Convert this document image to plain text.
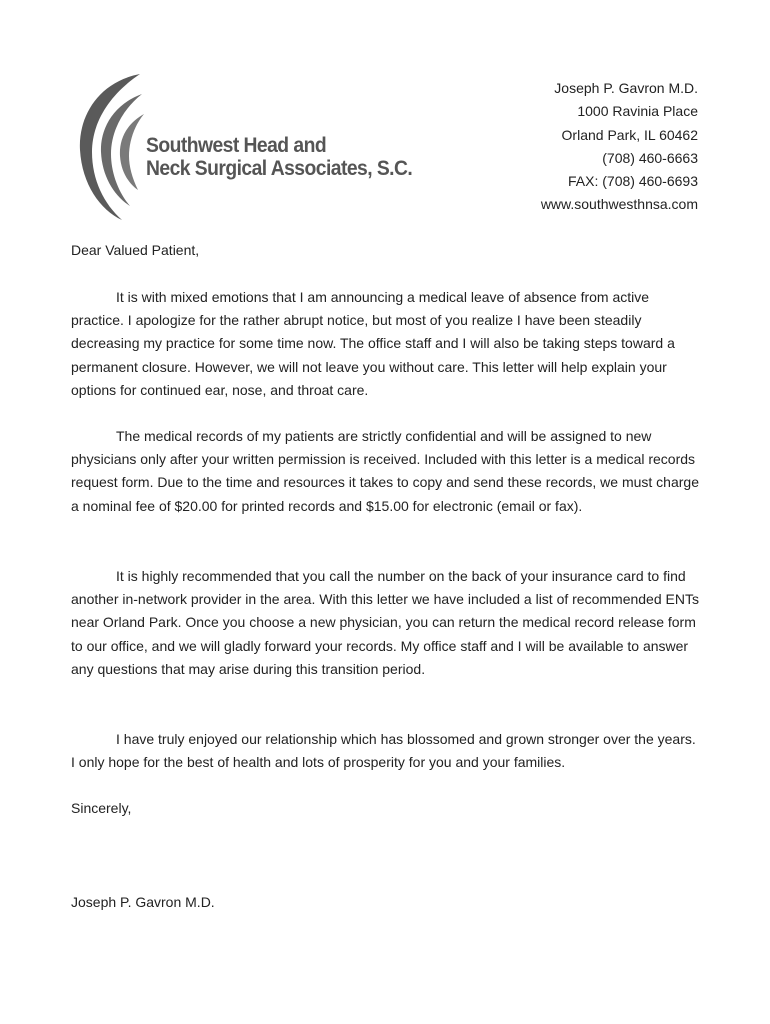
Southwest Head and
Neck Surgical Associates, S.C.
Joseph P. Gavron M.D.
1000 Ravinia Place
Orland Park, IL 60462
(708) 460-6663
FAX: (708) 460-6693
www.southwesthnsa.com
Dear Valued Patient,

It is with mixed emotions that I am announcing a medical leave of absence from active practice. I apologize for the rather abrupt notice, but most of you realize I have been steadily decreasing my practice for some time now. The office staff and I will also be taking steps toward a permanent closure. However, we will not leave you without care. This letter will help explain your options for continued ear, nose, and throat care.

The medical records of my patients are strictly confidential and will be assigned to new physicians only after your written permission is received. Included with this letter is a medical records request form. Due to the time and resources it takes to copy and send these records, we must charge a nominal fee of $20.00 for printed records and $15.00 for electronic (email or fax).

It is highly recommended that you call the number on the back of your insurance card to find another in-network provider in the area. With this letter we have included a list of recommended ENTs near Orland Park. Once you choose a new physician, you can return the medical record release form to our office, and we will gladly forward your records. My office staff and I will be available to answer any questions that may arise during this transition period.

I have truly enjoyed our relationship which has blossomed and grown stronger over the years. I only hope for the best of health and lots of prosperity for you and your families.

Sincerely,
Joseph P. Gavron M.D.
